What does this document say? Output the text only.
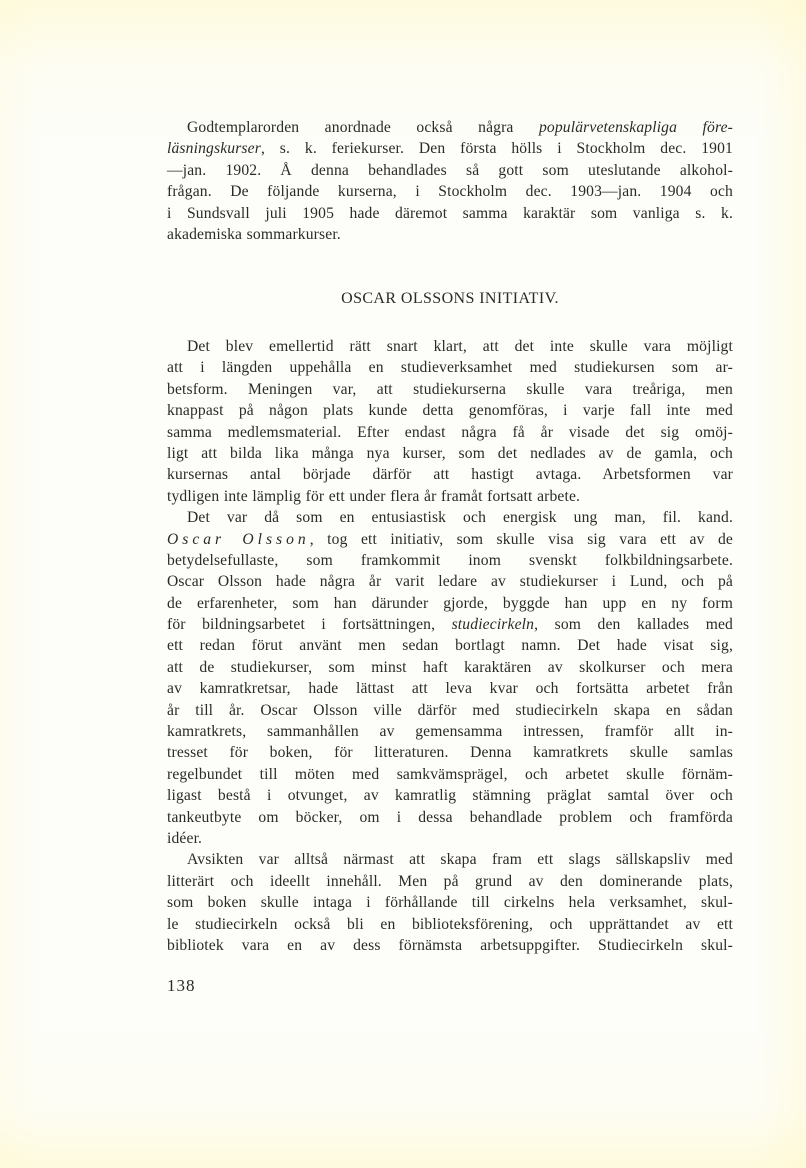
Godtemplarorden anordnade också några populärvetenskapliga före-
läsningskurser, s. k. feriekurser. Den första hölls i Stockholm dec. 1901
—jan. 1902. Å denna behandlades så gott som uteslutande alkohol-
frågan. De följande kurserna, i Stockholm dec. 1903—jan. 1904 och
i Sundsvall juli 1905 hade däremot samma karaktär som vanliga s. k.
akademiska sommarkurser.
OSCAR OLSSONS INITIATIV.
Det blev emellertid rätt snart klart, att det inte skulle vara möjligt
att i längden uppehålla en studieverksamhet med studiekursen som ar-
betsform. Meningen var, att studiekurserna skulle vara treåriga, men
knappast på någon plats kunde detta genomföras, i varje fall inte med
samma medlemsmaterial. Efter endast några få år visade det sig omöj-
ligt att bilda lika många nya kurser, som det nedlades av de gamla, och
kursernas antal började därför att hastigt avtaga. Arbetsformen var
tydligen inte lämplig för ett under flera år framåt fortsatt arbete.
Det var då som en entusiastisk och energisk ung man, fil. kand.
Oscar Olsson, tog ett initiativ, som skulle visa sig vara ett av de
betydelsefullaste, som framkommit inom svenskt folkbildningsarbete.
Oscar Olsson hade några år varit ledare av studiekurser i Lund, och på
de erfarenheter, som han därunder gjorde, byggde han upp en ny form
för bildningsarbetet i fortsättningen, studiecirkeln, som den kallades med
ett redan förut använt men sedan bortlagt namn. Det hade visat sig,
att de studiekurser, som minst haft karaktären av skolkurser och mera
av kamratkretsar, hade lättast att leva kvar och fortsätta arbetet från
år till år. Oscar Olsson ville därför med studiecirkeln skapa en sådan
kamratkrets, sammanhållen av gemensamma intressen, framför allt in-
tresset för boken, för litteraturen. Denna kamratkrets skulle samlas
regelbundet till möten med samkvämsprägel, och arbetet skulle förnäm-
ligast bestå i otvunget, av kamratlig stämning präglat samtal över och
tankeutbyte om böcker, om i dessa behandlade problem och framförda
idéer.
Avsikten var alltså närmast att skapa fram ett slags sällskapsliv med
litterärt och ideellt innehåll. Men på grund av den dominerande plats,
som boken skulle intaga i förhållande till cirkelns hela verksamhet, skul-
le studiecirkeln också bli en biblioteksförening, och upprättandet av ett
bibliotek vara en av dess förnämsta arbetsuppgifter. Studiecirkeln skul-
138
